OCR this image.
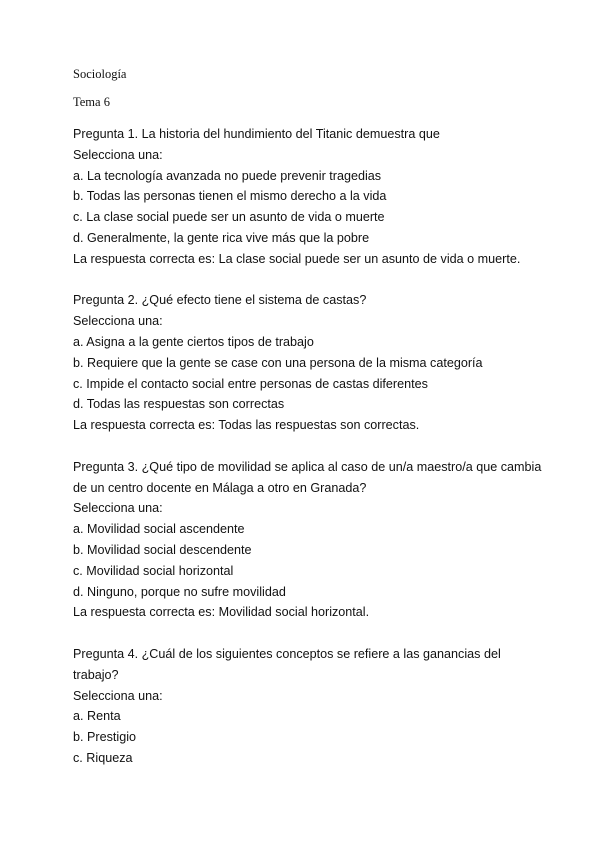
Sociología

Tema 6

Pregunta 1. La historia del hundimiento del Titanic demuestra que

Selecciona una:

a. La tecnología avanzada no puede prevenir tragedias

b. Todas las personas tienen el mismo derecho a la vida

c. La clase social puede ser un asunto de vida o muerte

d. Generalmente, la gente rica vive más que la pobre

La respuesta correcta es: La clase social puede ser un asunto de vida o muerte.

Pregunta 2. ¿Qué efecto tiene el sistema de castas?

Selecciona una:

a. Asigna a la gente ciertos tipos de trabajo

b. Requiere que la gente se case con una persona de la misma categoría

c. Impide el contacto social entre personas de castas diferentes

d. Todas las respuestas son correctas

La respuesta correcta es: Todas las respuestas son correctas.

Pregunta 3. ¿Qué tipo de movilidad se aplica al caso de un/a maestro/a que cambia de un centro docente en Málaga a otro en Granada?

Selecciona una:

a. Movilidad social ascendente

b. Movilidad social descendente

c. Movilidad social horizontal

d. Ninguno, porque no sufre movilidad

La respuesta correcta es: Movilidad social horizontal.

Pregunta 4. ¿Cuál de los siguientes conceptos se refiere a las ganancias del trabajo?

Selecciona una:

a. Renta

b. Prestigio

c. Riqueza
